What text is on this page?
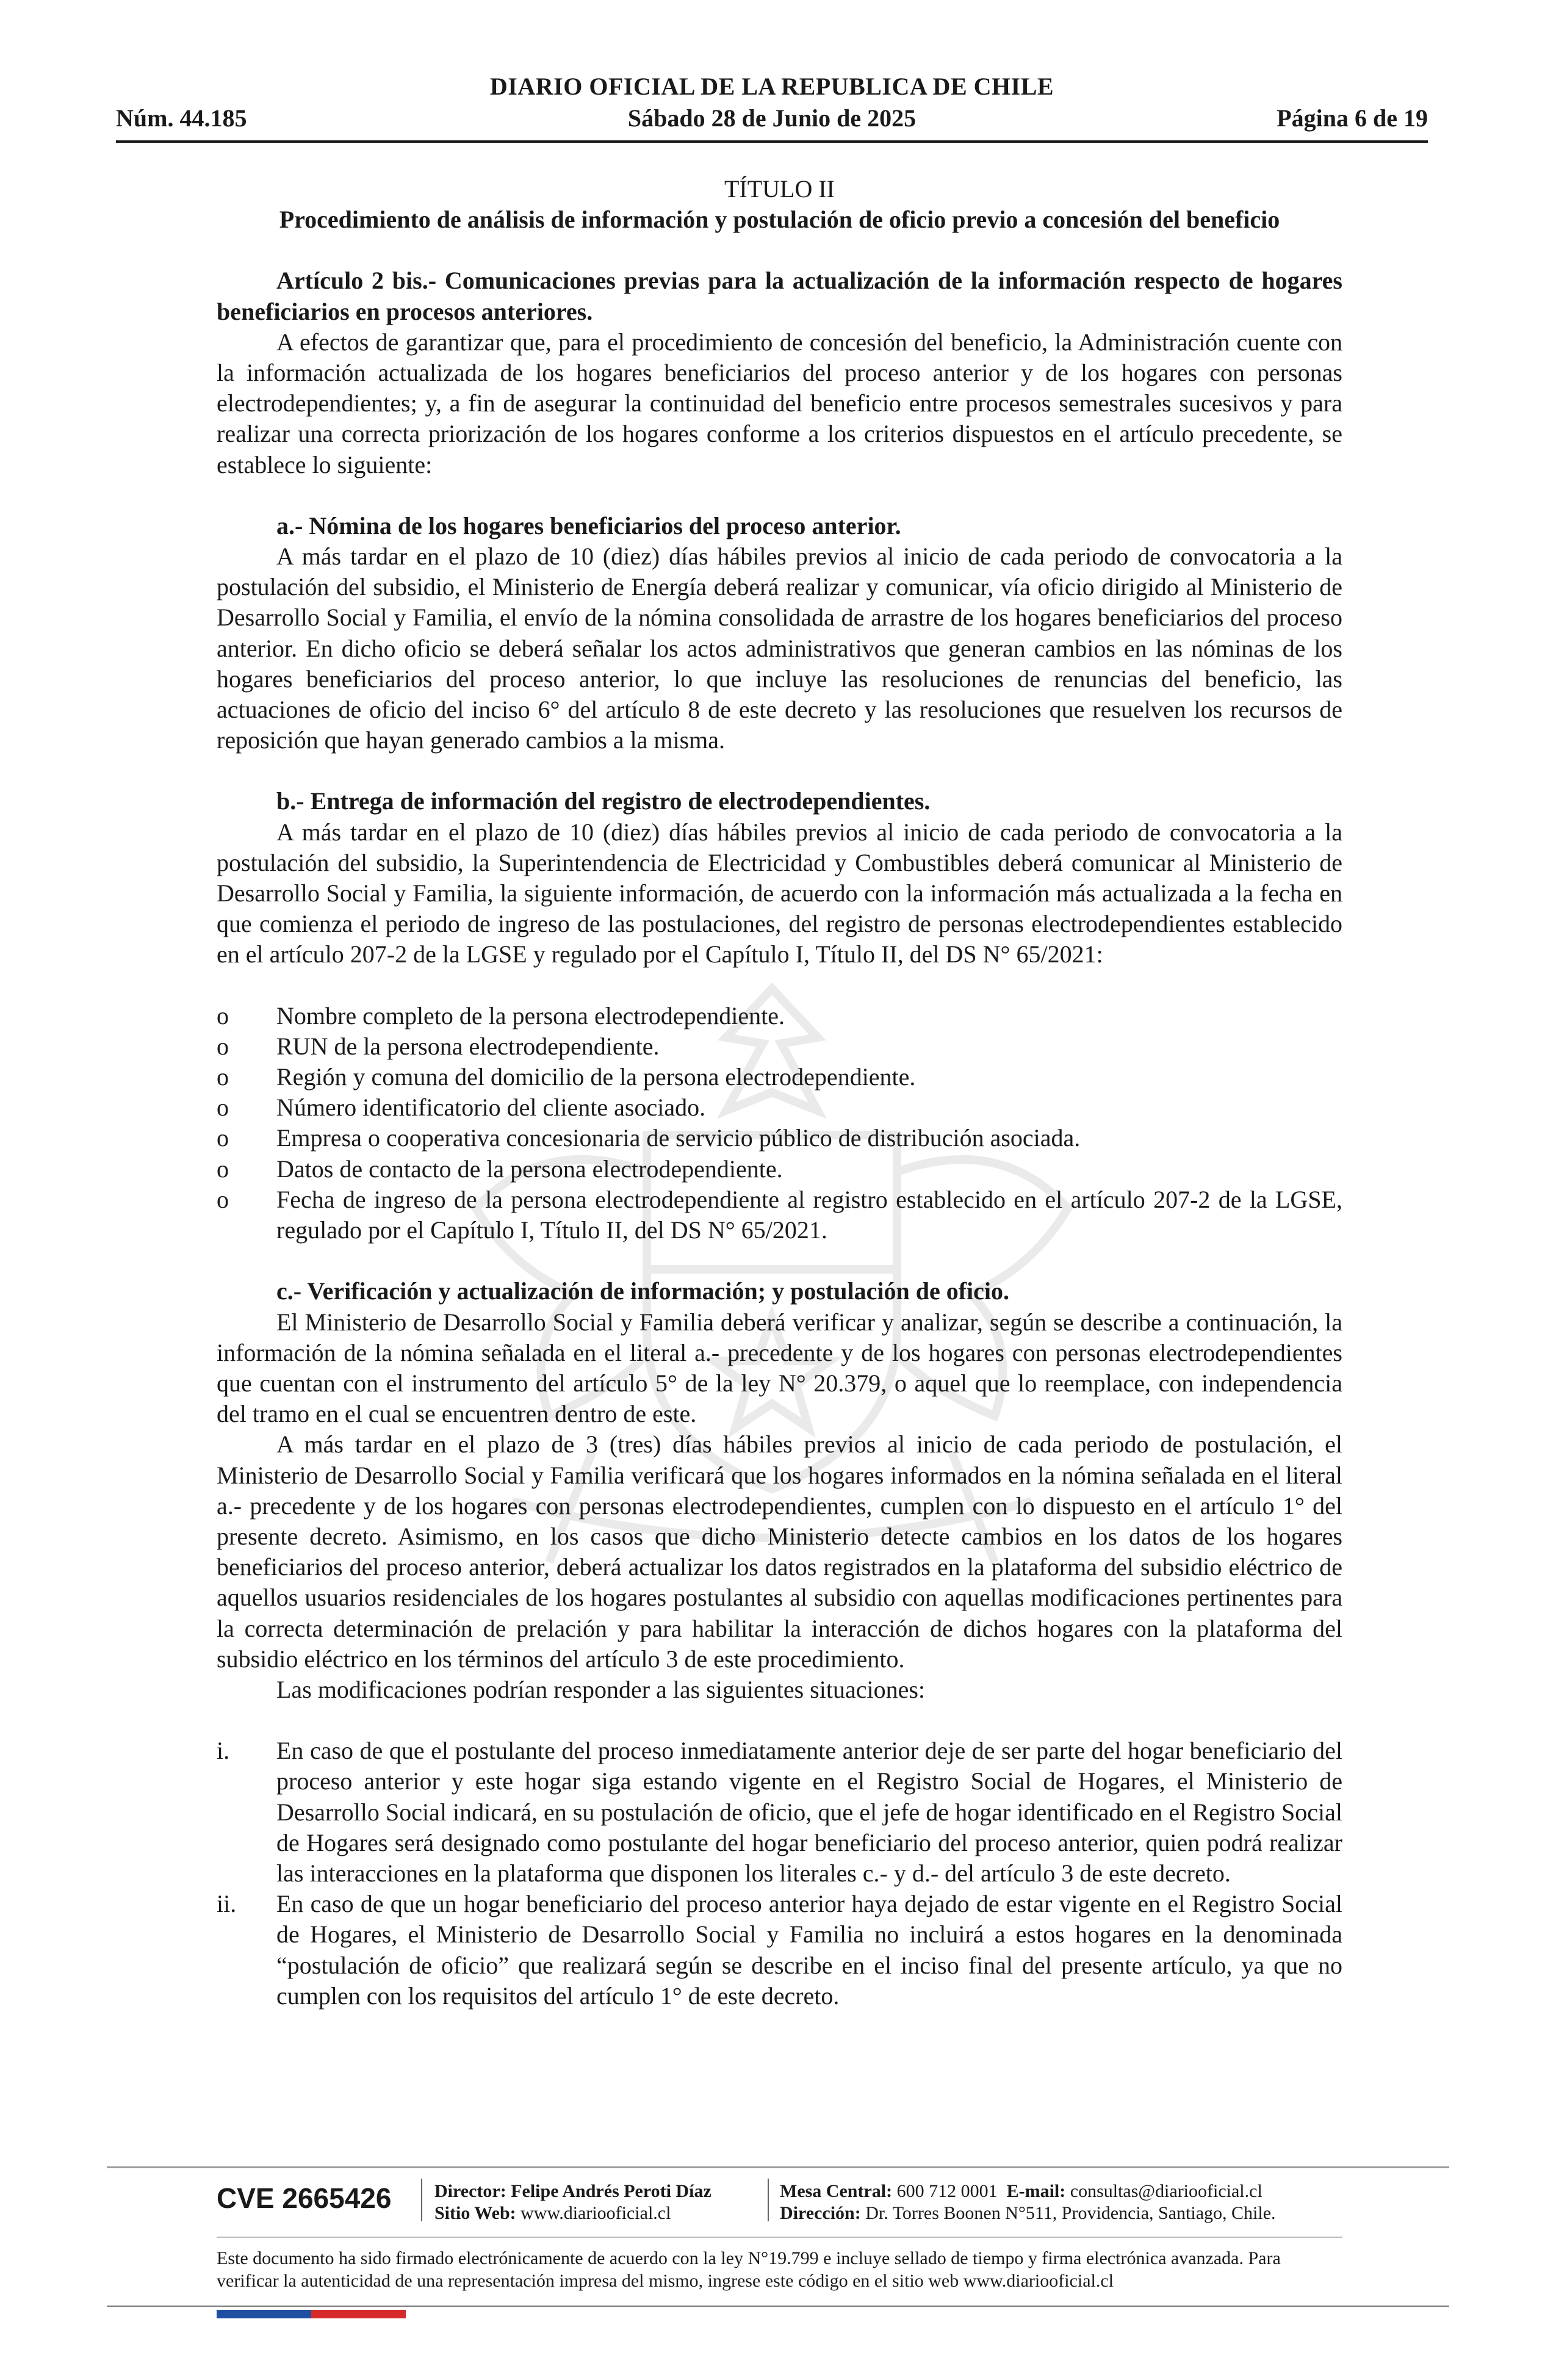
DIARIO OFICIAL DE LA REPUBLICA DE CHILE
Núm. 44.185	Sábado 28 de Junio de 2025	Página 6 de 19

TÍTULO II

Procedimiento de análisis de información y postulación de oficio previo a concesión del beneficio

Artículo 2 bis.- Comunicaciones previas para la actualización de la información respecto de hogares beneficiarios en procesos anteriores.

A efectos de garantizar que, para el procedimiento de concesión del beneficio, la Administración cuente con la información actualizada de los hogares beneficiarios del proceso anterior y de los hogares con personas electrodependientes; y, a fin de asegurar la continuidad del beneficio entre procesos semestrales sucesivos y para realizar una correcta priorización de los hogares conforme a los criterios dispuestos en el artículo precedente, se establece lo siguiente:

a.- Nómina de los hogares beneficiarios del proceso anterior.

A más tardar en el plazo de 10 (diez) días hábiles previos al inicio de cada periodo de convocatoria a la postulación del subsidio, el Ministerio de Energía deberá realizar y comunicar, vía oficio dirigido al Ministerio de Desarrollo Social y Familia, el envío de la nómina consolidada de arrastre de los hogares beneficiarios del proceso anterior. En dicho oficio se deberá señalar los actos administrativos que generan cambios en las nóminas de los hogares beneficiarios del proceso anterior, lo que incluye las resoluciones de renuncias del beneficio, las actuaciones de oficio del inciso 6° del artículo 8 de este decreto y las resoluciones que resuelven los recursos de reposición que hayan generado cambios a la misma.

b.- Entrega de información del registro de electrodependientes.

A más tardar en el plazo de 10 (diez) días hábiles previos al inicio de cada periodo de convocatoria a la postulación del subsidio, la Superintendencia de Electricidad y Combustibles deberá comunicar al Ministerio de Desarrollo Social y Familia, la siguiente información, de acuerdo con la información más actualizada a la fecha en que comienza el periodo de ingreso de las postulaciones, del registro de personas electrodependientes establecido en el artículo 207-2 de la LGSE y regulado por el Capítulo I, Título II, del DS N° 65/2021:

o Nombre completo de la persona electrodependiente.
o RUN de la persona electrodependiente.
o Región y comuna del domicilio de la persona electrodependiente.
o Número identificatorio del cliente asociado.
o Empresa o cooperativa concesionaria de servicio público de distribución asociada.
o Datos de contacto de la persona electrodependiente.
o Fecha de ingreso de la persona electrodependiente al registro establecido en el artículo 207-2 de la LGSE, regulado por el Capítulo I, Título II, del DS N° 65/2021.

c.- Verificación y actualización de información; y postulación de oficio.

El Ministerio de Desarrollo Social y Familia deberá verificar y analizar, según se describe a continuación, la información de la nómina señalada en el literal a.- precedente y de los hogares con personas electrodependientes que cuentan con el instrumento del artículo 5° de la ley N° 20.379, o aquel que lo reemplace, con independencia del tramo en el cual se encuentren dentro de este.

A más tardar en el plazo de 3 (tres) días hábiles previos al inicio de cada periodo de postulación, el Ministerio de Desarrollo Social y Familia verificará que los hogares informados en la nómina señalada en el literal a.- precedente y de los hogares con personas electrodependientes, cumplen con lo dispuesto en el artículo 1° del presente decreto. Asimismo, en los casos que dicho Ministerio detecte cambios en los datos de los hogares beneficiarios del proceso anterior, deberá actualizar los datos registrados en la plataforma del subsidio eléctrico de aquellos usuarios residenciales de los hogares postulantes al subsidio con aquellas modificaciones pertinentes para la correcta determinación de prelación y para habilitar la interacción de dichos hogares con la plataforma del subsidio eléctrico en los términos del artículo 3 de este procedimiento.

Las modificaciones podrían responder a las siguientes situaciones:

i. En caso de que el postulante del proceso inmediatamente anterior deje de ser parte del hogar beneficiario del proceso anterior y este hogar siga estando vigente en el Registro Social de Hogares, el Ministerio de Desarrollo Social indicará, en su postulación de oficio, que el jefe de hogar identificado en el Registro Social de Hogares será designado como postulante del hogar beneficiario del proceso anterior, quien podrá realizar las interacciones en la plataforma que disponen los literales c.- y d.- del artículo 3 de este decreto.
ii. En caso de que un hogar beneficiario del proceso anterior haya dejado de estar vigente en el Registro Social de Hogares, el Ministerio de Desarrollo Social y Familia no incluirá a estos hogares en la denominada “postulación de oficio” que realizará según se describe en el inciso final del presente artículo, ya que no cumplen con los requisitos del artículo 1° de este decreto.
CVE 2665426 Director: Felipe Andrés Peroti Díaz
Sitio Web: www.diariooficial.cl
Mesa Central: 600 712 0001 E-mail: consultas@diariooficial.cl
Dirección: Dr. Torres Boonen N°511, Providencia, Santiago, Chile.
Este documento ha sido firmado electrónicamente de acuerdo con la ley N°19.799 e incluye sellado de tiempo y firma electrónica avanzada. Para verificar la autenticidad de una representación impresa del mismo, ingrese este código en el sitio web www.diariooficial.cl
